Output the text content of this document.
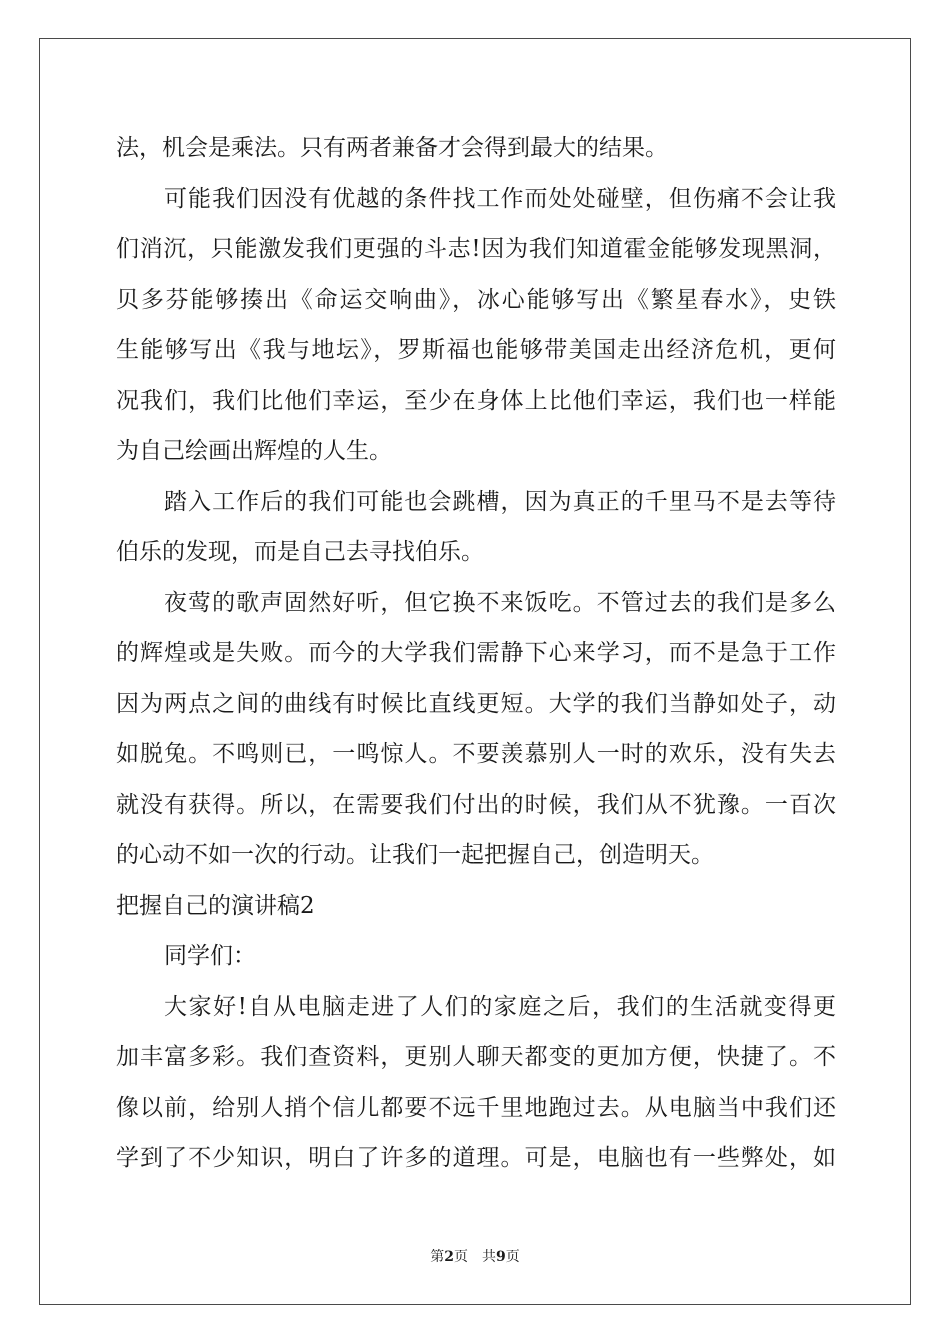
法，机会是乘法。只有两者兼备才会得到最大的结果。
可能我们因没有优越的条件找工作而处处碰壁，但伤痛不会让我
们消沉，只能激发我们更强的斗志!因为我们知道霍金能够发现黑洞，
贝多芬能够揍出《命运交响曲》，冰心能够写出《繁星春水》，史铁
生能够写出《我与地坛》，罗斯福也能够带美国走出经济危机，更何
况我们，我们比他们幸运，至少在身体上比他们幸运，我们也一样能
为自己绘画出辉煌的人生。
踏入工作后的我们可能也会跳槽，因为真正的千里马不是去等待
伯乐的发现，而是自己去寻找伯乐。
夜莺的歌声固然好听，但它换不来饭吃。不管过去的我们是多么
的辉煌或是失败。而今的大学我们需静下心来学习，而不是急于工作
因为两点之间的曲线有时候比直线更短。大学的我们当静如处子，动
如脱兔。不鸣则已，一鸣惊人。不要羡慕别人一时的欢乐，没有失去
就没有获得。所以，在需要我们付出的时候，我们从不犹豫。一百次
的心动不如一次的行动。让我们一起把握自己，创造明天。
把握自己的演讲稿2
同学们：
大家好!自从电脑走进了人们的家庭之后，我们的生活就变得更
加丰富多彩。我们查资料，更别人聊天都变的更加方便，快捷了。不
像以前，给别人捎个信儿都要不远千里地跑过去。从电脑当中我们还
学到了不少知识，明白了许多的道理。可是，电脑也有一些弊处，如
第2页　共9页
